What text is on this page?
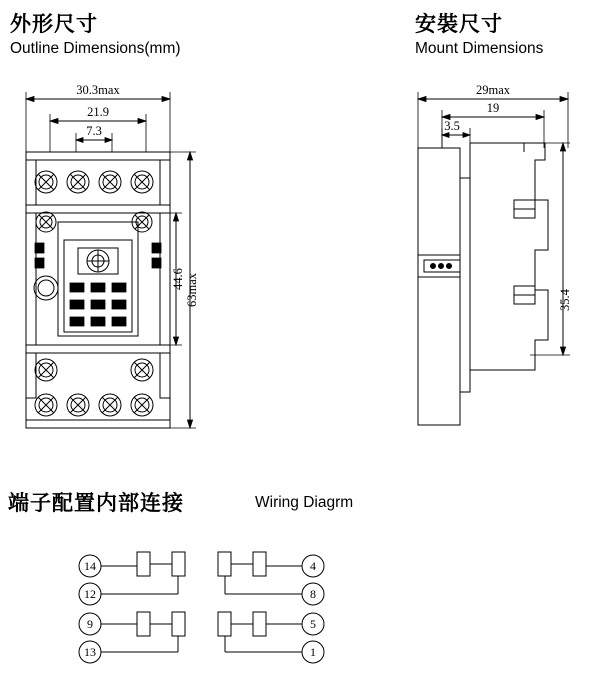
外形尺寸
Outline Dimensions(mm)
安裝尺寸
Mount Dimensions
端子配置内部连接	Wiring Diagrm
30.3max
21.9
7.3
63max
44.6
29max
19
3.5
35.4
14
12
9
13
4
8
5
1
